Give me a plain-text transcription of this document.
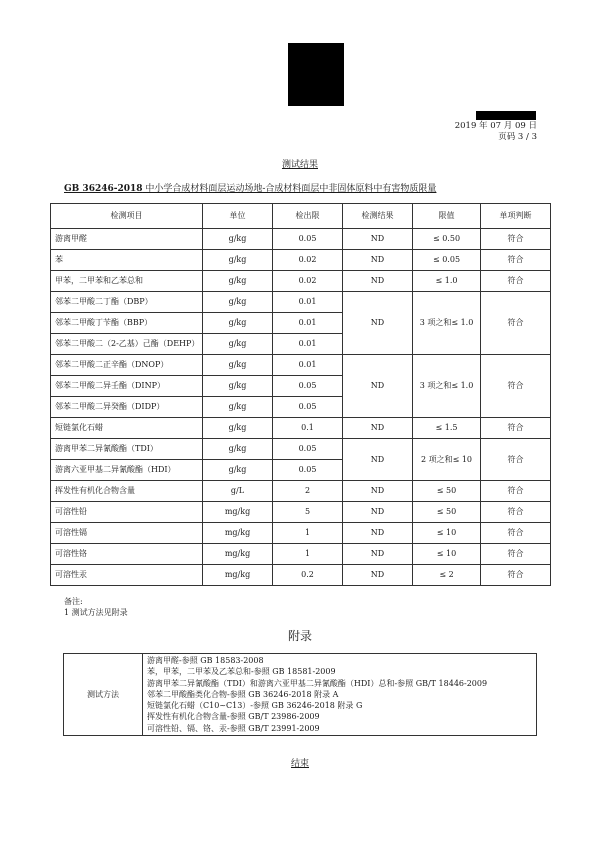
2019 年 07 月 09 日
页码 3 / 3
测试结果
GB 36246-2018 中小学合成材料面层运动场地-合成材料面层中非固体原料中有害物质限量
检测项目	单位	检出限	检测结果	限值	单项判断
游离甲醛	g/kg	0.05	ND	≤ 0.50	符合
苯	g/kg	0.02	ND	≤ 0.05	符合
甲苯，二甲苯和乙苯总和	g/kg	0.02	ND	≤ 1.0	符合
邻苯二甲酸二丁酯（DBP）	g/kg	0.01	ND	3 项之和≤ 1.0	符合
邻苯二甲酸丁苄酯（BBP）	g/kg	0.01			
邻苯二甲酸二（2-乙基）己酯（DEHP）	g/kg	0.01			
邻苯二甲酸二正辛酯（DNOP）	g/kg	0.01	ND	3 项之和≤ 1.0	符合
邻苯二甲酸二异壬酯（DINP）	g/kg	0.05			
邻苯二甲酸二异癸酯（DIDP）	g/kg	0.05			
短链氯化石蜡	g/kg	0.1	ND	≤ 1.5	符合
游离甲苯二异氰酸酯（TDI）	g/kg	0.05	ND	2 项之和≤ 10	符合
游离六亚甲基二异氰酸酯（HDI）	g/kg	0.05			
挥发性有机化合物含量	g/L	2	ND	≤ 50	符合
可溶性铅	mg/kg	5	ND	≤ 50	符合
可溶性镉	mg/kg	1	ND	≤ 10	符合
可溶性铬	mg/kg	1	ND	≤ 10	符合
可溶性汞	mg/kg	0.2	ND	≤ 2	符合
备注:
1 测试方法见附录
附录
测试方法	
游离甲醛-参照 GB 18583-2008
苯，甲苯，二甲苯及乙苯总和-参照 GB 18581-2009
游离甲苯二异氰酸酯（TDI）和游离六亚甲基二异氰酸酯（HDI）总和-参照 GB/T 18446-2009
邻苯二甲酸酯类化合物-参照 GB 36246-2018 附录 A
短链氯化石蜡（C10~C13）-参照 GB 36246-2018 附录 G
挥发性有机化合物含量-参照 GB/T 23986-2009
可溶性铅、镉、铬、汞-参照 GB/T 23991-2009
结束
